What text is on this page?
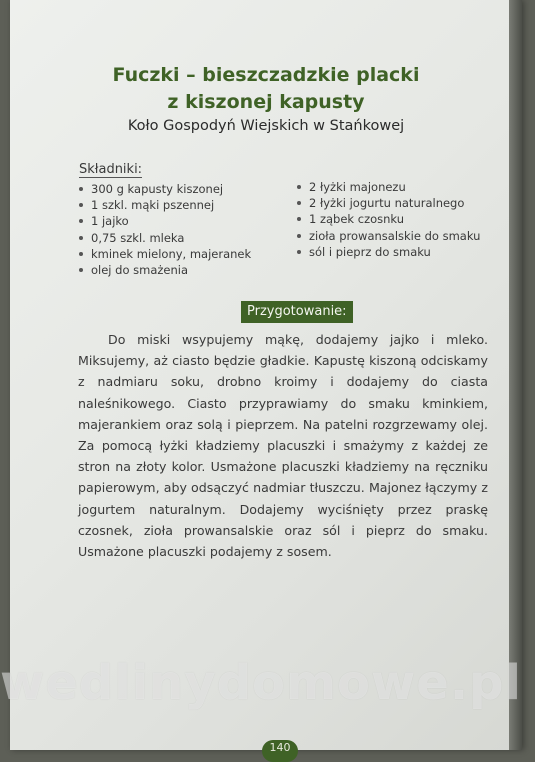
Fuczki – bieszczadzkie placki
z kiszonej kapusty
Koło Gospodyń Wiejskich w Stańkowej
Składniki:
300 g kapusty kiszonej
1 szkl. mąki pszennej
1 jajko
0,75 szkl. mleka
kminek mielony, majeranek
olej do smażenia
2 łyżki majonezu
2 łyżki jogurtu naturalnego
1 ząbek czosnku
zioła prowansalskie do smaku
sól i pieprz do smaku
Przygotowanie:

Do miski wsypujemy mąkę, dodajemy jajko i mleko. Miksujemy, aż ciasto będzie gładkie. Kapustę kiszoną odciskamy z nadmiaru soku, drobno kroimy i dodajemy do ciasta naleśnikowego. Ciasto przyprawiamy do smaku kminkiem, majerankiem oraz solą i pieprzem. Na patelni rozgrzewamy olej. Za pomocą łyżki kładziemy placuszki i smażymy z każdej ze stron na złoty kolor. Usmażone placuszki kładziemy na ręczniku papierowym, aby odsączyć nadmiar tłuszczu. Majonez łączymy z jogurtem naturalnym. Dodajemy wyciśnięty przez praskę czosnek, zioła prowansalskie oraz sól i pieprz do smaku. Usmażone placuszki podajemy z sosem.

wedlinydomowe.pl
140
